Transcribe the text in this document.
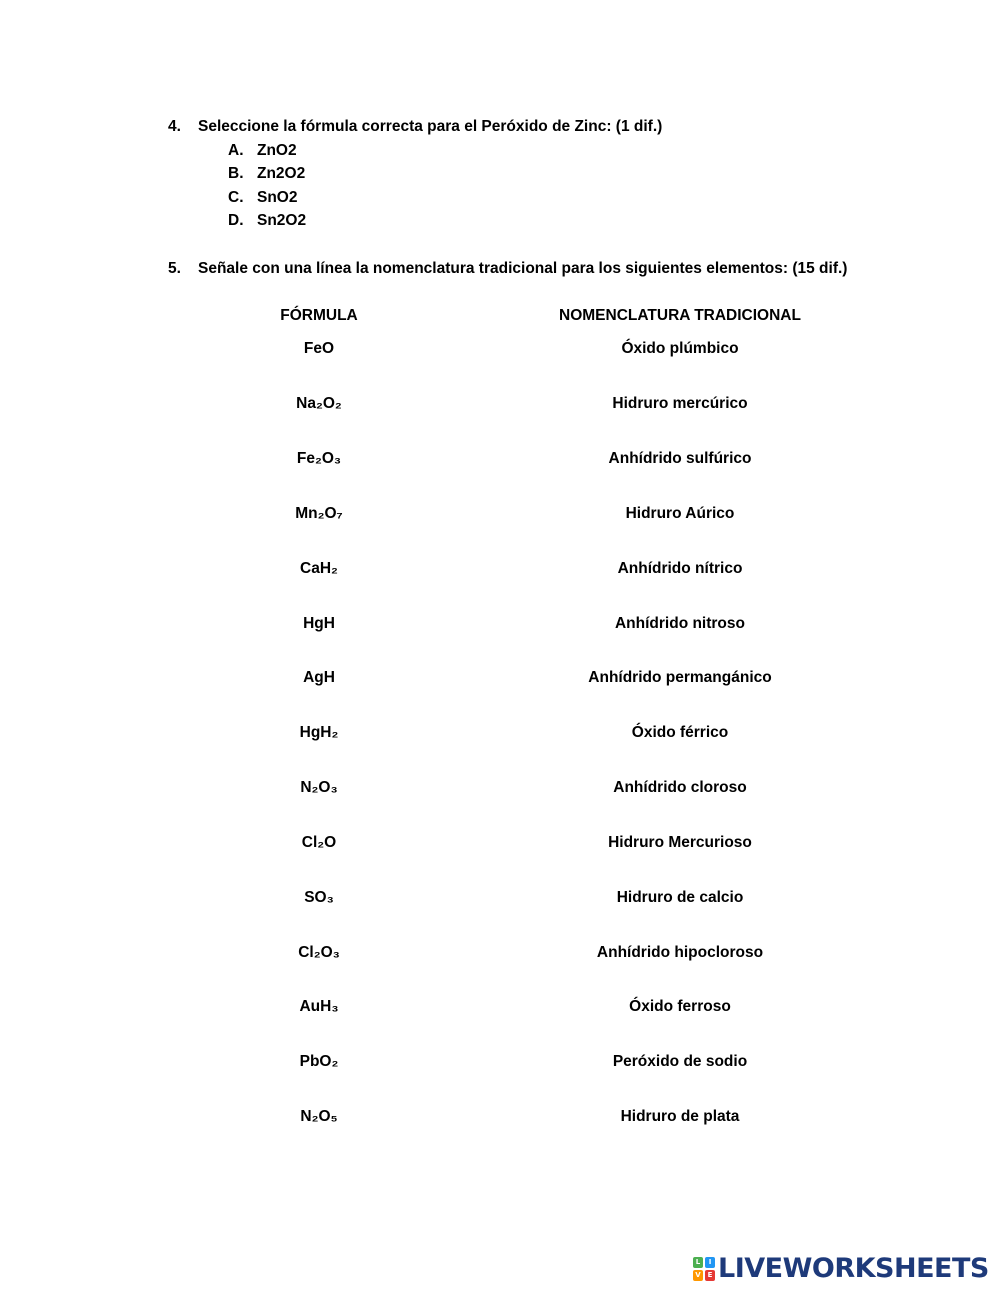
4. Seleccione la fórmula correcta para el Peróxido de Zinc: (1 dif.)
A. ZnO2
B. Zn2O2
C. SnO2
D. Sn2O2
5. Señale con una línea la nomenclatura tradicional para los siguientes elementos: (15 dif.)
FÓRMULA	NOMENCLATURA TRADICIONAL
FeO	Óxido plúmbico
Na₂O₂	Hidruro mercúrico
Fe₂O₃	Anhídrido sulfúrico
Mn₂O₇	Hidruro Aúrico
CaH₂	Anhídrido nítrico
HgH	Anhídrido nitroso
AgH	Anhídrido permangánico
HgH₂	Óxido férrico
N₂O₃	Anhídrido cloroso
Cl₂O	Hidruro Mercurioso
SO₃	Hidruro de calcio
Cl₂O₃	Anhídrido hipocloroso
AuH₃	Óxido ferroso
PbO₂	Peróxido de sodio
N₂O₅	Hidruro de plata
L	I
V E LIVEWORKSHEETS
